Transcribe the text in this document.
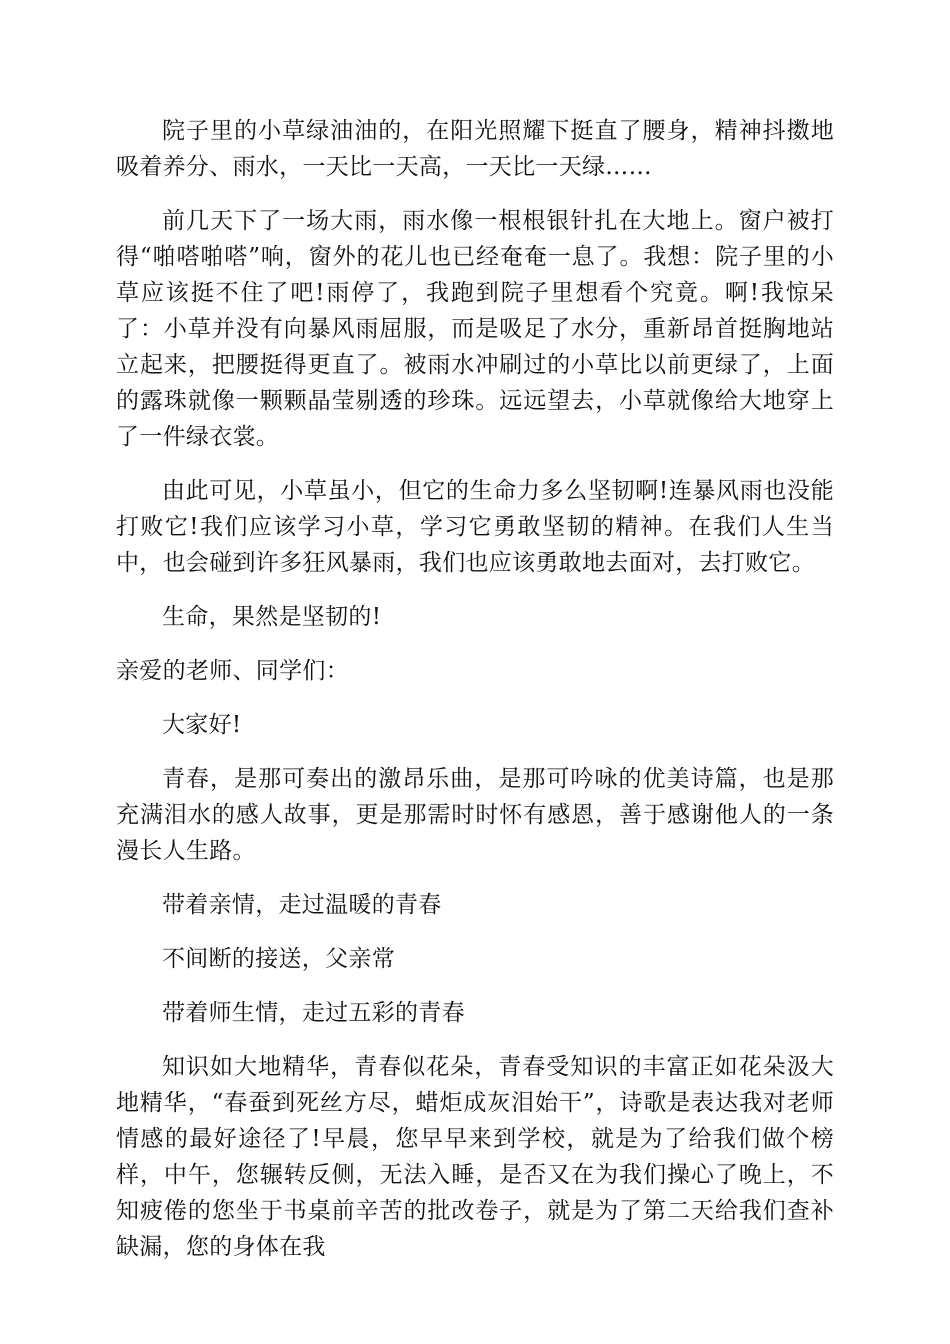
院子里的小草绿油油的，在阳光照耀下挺直了腰身，精神抖擞地吸着养分、雨水，一天比一天高，一天比一天绿……

前几天下了一场大雨，雨水像一根根银针扎在大地上。窗户被打得“啪嗒啪嗒”响，窗外的花儿也已经奄奄一息了。我想：院子里的小草应该挺不住了吧!雨停了，我跑到院子里想看个究竟。啊!我惊呆了：小草并没有向暴风雨屈服，而是吸足了水分，重新昂首挺胸地站立起来，把腰挺得更直了。被雨水冲刷过的小草比以前更绿了，上面的露珠就像一颗颗晶莹剔透的珍珠。远远望去，小草就像给大地穿上了一件绿衣裳。

由此可见，小草虽小，但它的生命力多么坚韧啊!连暴风雨也没能打败它!我们应该学习小草，学习它勇敢坚韧的精神。在我们人生当中，也会碰到许多狂风暴雨，我们也应该勇敢地去面对，去打败它。

生命，果然是坚韧的!

亲爱的老师、同学们：

大家好!

青春，是那可奏出的激昂乐曲，是那可吟咏的优美诗篇，也是那充满泪水的感人故事，更是那需时时怀有感恩，善于感谢他人的一条漫长人生路。

带着亲情，走过温暖的青春

不间断的接送，父亲常

带着师生情，走过五彩的青春

知识如大地精华，青春似花朵，青春受知识的丰富正如花朵汲大地精华，“春蚕到死丝方尽，蜡炬成灰泪始干”，诗歌是表达我对老师情感的最好途径了!早晨，您早早来到学校，就是为了给我们做个榜样，中午，您辗转反侧，无法入睡，是否又在为我们操心了晚上，不知疲倦的您坐于书桌前辛苦的批改卷子，就是为了第二天给我们查补缺漏，您的身体在我
